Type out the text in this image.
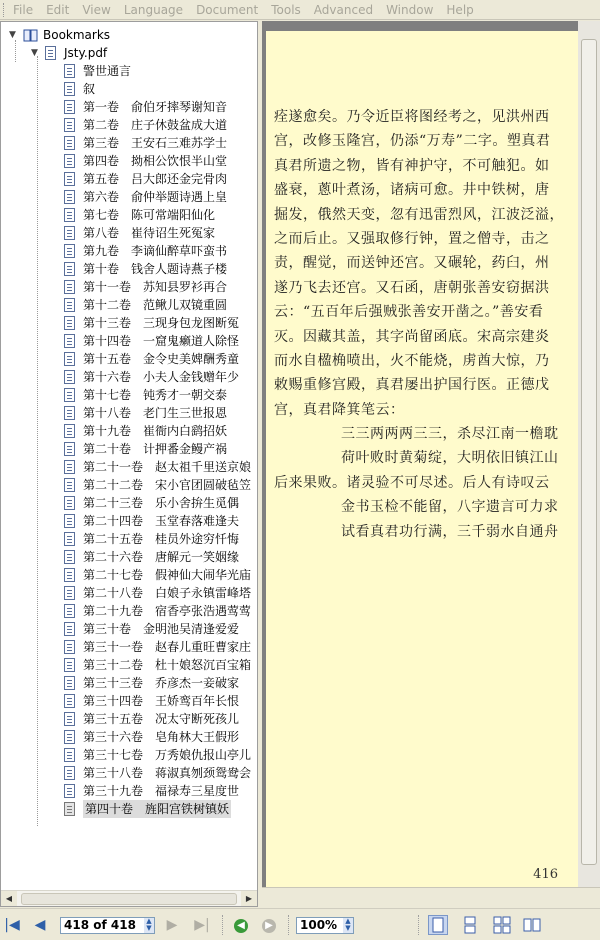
File Edit View Language Document Tools Advanced Window Help
▼	Bookmarks
▼	Jsty.pdf
警世通言
叙
第一卷　俞伯牙摔琴谢知音
第二卷　庄子休鼓盆成大道
第三卷　王安石三难苏学士
第四卷　拗相公饮恨半山堂
第五卷　吕大郎还金完骨肉
第六卷　俞仲举题诗遇上皇
第七卷　陈可常端阳仙化
第八卷　崔待诏生死冤家
第九卷　李谪仙醉草吓蛮书
第十卷　钱舍人题诗燕子楼
第十一卷　苏知县罗衫再合
第十二卷　范鳅儿双镜重圆
第十三卷　三现身包龙图断冤
第十四卷　一窟鬼癞道人除怪
第十五卷　金令史美婢酬秀童
第十六卷　小夫人金钱赠年少
第十七卷　钝秀才一朝交泰
第十八卷　老门生三世报恩
第十九卷　崔衙内白鹞招妖
第二十卷　计押番金鳗产祸
第二十一卷　赵太祖千里送京娘
第二十二卷　宋小官团圆破毡笠
第二十三卷　乐小舍拚生觅偶
第二十四卷　玉堂春落难逢夫
第二十五卷　桂员外途穷忏悔
第二十六卷　唐解元一笑姻缘
第二十七卷　假神仙大闹华光庙
第二十八卷　白娘子永镇雷峰塔
第二十九卷　宿香亭张浩遇莺莺
第三十卷　金明池吴清逢爱爱
第三十一卷　赵春儿重旺曹家庄
第三十二卷　杜十娘怒沉百宝箱
第三十三卷　乔彦杰一妾破家
第三十四卷　王娇鸾百年长恨
第三十五卷　况太守断死孩儿
第三十六卷　皂角林大王假形
第三十七卷　万秀娘仇报山亭儿
第三十八卷　蒋淑真刎颈鸳鸯会
第三十九卷　福禄寿三星度世
第四十卷　旌阳宫铁树镇妖
◀	▶
痊遂愈矣。乃令近臣将图经考之，见洪州西
宫，改修玉隆宫，仍添“万寿”二字。塑真君
真君所遗之物，皆有神护守，不可触犯。如
盛衰，蔥叶煮汤，诸病可愈。井中铁树，唐
掘发，俄然天变，忽有迅雷烈风，江波泛溢，
之而后止。又强取修行钟，置之僧寺，击之
责，醒觉，而送钟还宫。又碾轮，药臼，州
遂乃飞去还宫。又石函，唐朝张善安窃据洪
云：“五百年后强贼张善安开凿之。”善安看
灭。因藏其盖，其字尚留函底。宋高宗建炎
而水自楹桷喷出，火不能烧，虏酋大惊，乃
敕赐重修宫殿，真君屡出护国行医。正德戊
宫，真君降箕笔云：
三三两两两三三，杀尽江南一檐耽
荷叶败时黄菊绽，大明依旧镇江山
后来果败。诸灵验不可尽述。后人有诗叹云
金书玉检不能留，八字遗言可力求
试看真君功行满，三千弱水自通舟
416
|◀	◀	418 of 418	▲
▼	▶	▶|	◀	▶	100%	▲
▼
